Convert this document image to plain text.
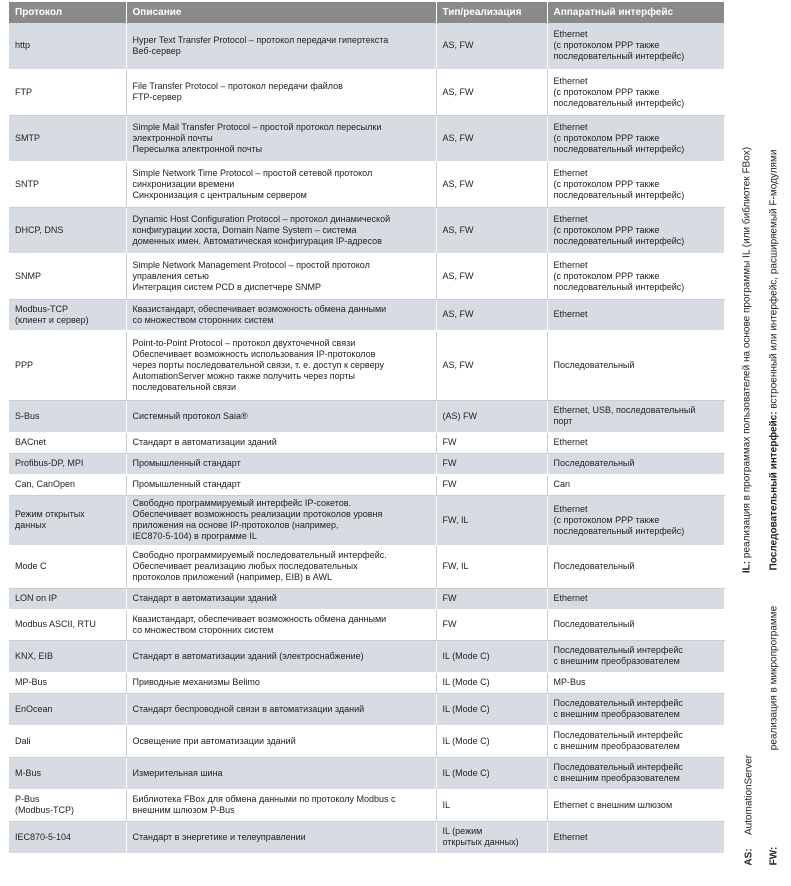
Протокол	Описание	Тип/реализация	Аппаратный интерфейс
http	Hyper Text Transfer Protocol – протокол передачи гипертекста
Веб-сервер	AS, FW	Ethernet
(с протоколом PPP также
последовательный интерфейс)
FTP	File Transfer Protocol – протокол передачи файлов
FTP-сервер	AS, FW	Ethernet
(с протоколом PPP также
последовательный интерфейс)
SMTP	Simple Mail Transfer Protocol – простой протокол пересылки
электронной почты
Пересылка электронной почты	AS, FW	Ethernet
(с протоколом PPP также
последовательный интерфейс)
SNTP	Simple Network Time Protocol – простой сетевой протокол
синхронизации времени
Синхронизация с центральным сервером	AS, FW	Ethernet
(с протоколом PPP также
последовательный интерфейс)
DHCP, DNS	Dynamic Host Configuration Protocol – протокол динамической
конфигурации хоста, Domain Name System – система
доменных имен. Автоматическая конфигурация IP-адресов	AS, FW	Ethernet
(с протоколом PPP также
последовательный интерфейс)
SNMP	Simple Network Management Protocol – простой протокол
управления сетью
Интеграция систем PCD в диспетчере SNMP	AS, FW	Ethernet
(с протоколом PPP также
последовательный интерфейс)
Modbus-TCP
(клиент и сервер)	Квазистандарт, обеспечивает возможность обмена данными
со множеством сторонних систем	AS, FW	Ethernet
PPP	Point-to-Point Protocol – протокол двухточечной связи
Обеспечивает возможность использования IP-протоколов
через порты последовательной связи, т. е. доступ к серверу
AutomationServer можно также получить через порты
последовательной связи	AS, FW	Последовательный
S-Bus	Системный протокол Saia®	(AS) FW	Ethernet, USB, последовательный
порт
BACnet	Стандарт в автоматизации зданий	FW	Ethernet
Profibus-DP, MPI	Промышленный стандарт	FW	Последовательный
Can, CanOpen	Промышленный стандарт	FW	Can
Режим открытых
данных	Свободно программируемый интерфейс IP-сокетов.
Обеспечивает возможность реализации протоколов уровня
приложения на основе IP-протоколов (например,
IEC870-5-104) в программе IL	FW, IL	Ethernet
(с протоколом PPP также
последовательный интерфейс)
Mode C	Свободно программируемый последовательный интерфейс.
Обеспечивает реализацию любых последовательных
протоколов приложений (например, EIB) в AWL	FW, IL	Последовательный
LON on IP	Стандарт в автоматизации зданий	FW	Ethernet
Modbus ASCII, RTU	Квазистандарт, обеспечивает возможность обмена данными
со множеством сторонних систем	FW	Последовательный
KNX, EIB	Стандарт в автоматизации зданий (электроснабжение)	IL (Mode C)	Последовательный интерфейс
с внешним преобразователем
MP-Bus	Приводные механизмы Belimo	IL (Mode C)	MP-Bus
EnOcean	Стандарт беспроводной связи в автоматизации зданий	IL (Mode C)	Последовательный интерфейс
с внешним преобразователем
Dali	Освещение при автоматизации зданий	IL (Mode C)	Последовательный интерфейс
с внешним преобразователем
M-Bus	Измерительная шина	IL (Mode C)	Последовательный интерфейс
с внешним преобразователем
P-Bus
(Modbus-TCP)	Библиотека FBox для обмена данными по протоколу Modbus с
внешним шлюзом P-Bus	IL	Ethernet с внешним шлюзом
IEC870-5-104	Стандарт в энергетике и телеуправлении	IL (режим
открытых данных)	Ethernet
IL: реализация в программах пользователей на основе программы IL (или библиотек FBox)
AutomationServer
AS:
Последовательный интерфейс: встроенный или интерфейс, расширяемый F-модулями
реализация в микропрограмме
FW:
